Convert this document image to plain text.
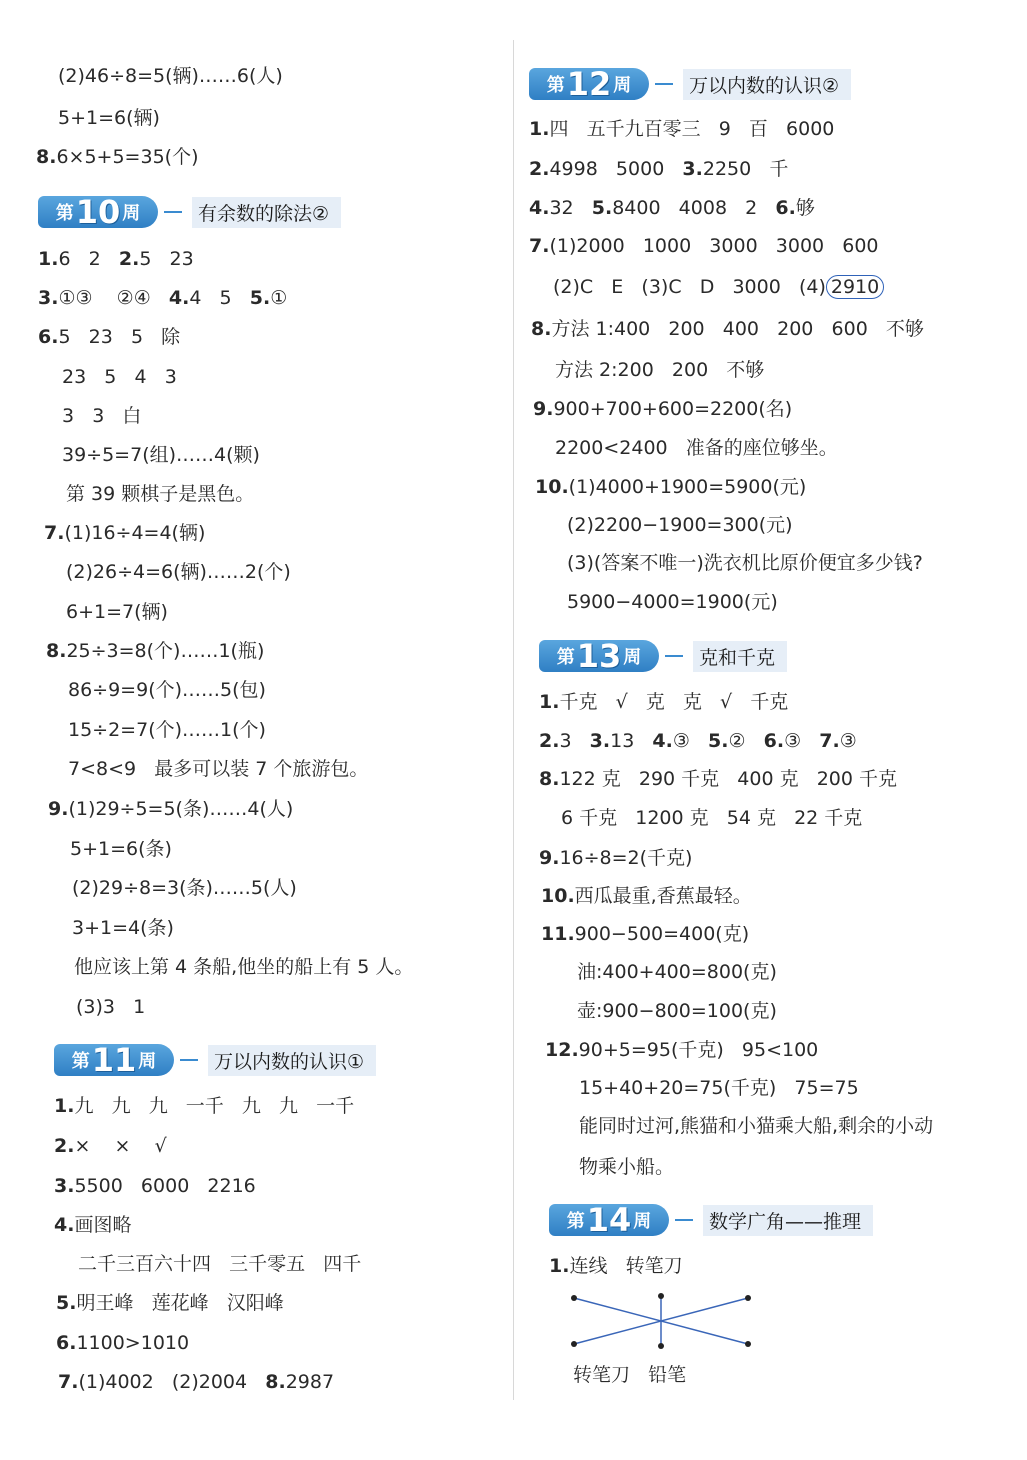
(2)46÷8=5(辆)……6(人)
5+1=6(辆)
8.6×5+5=35(个)
第 10 周	有余数的除法②
1.6   2   2.5   23
3.①③    ②④   4.4   5   5.①
6.5   23   5   除
23   5   4   3
3   3   白
39÷5=7(组)……4(颗)
第 39 颗棋子是黑色。
7.(1)16÷4=4(辆)
(2)26÷4=6(辆)……2(个)
6+1=7(辆)
8.25÷3=8(个)……1(瓶)
86÷9=9(个)……5(包)
15÷2=7(个)……1(个)
7<8<9   最多可以装 7 个旅游包。
9.(1)29÷5=5(条)……4(人)
5+1=6(条)
(2)29÷8=3(条)……5(人)
3+1=4(条)
他应该上第 4 条船,他坐的船上有 5 人。
(3)3   1
第 11 周	万以内数的认识①
1.九   九   九   一千   九   九   一千
2.×    ×    √
3.5500   6000   2216
4.画图略
二千三百六十四   三千零五   四千
5.明王峰   莲花峰   汉阳峰
6.1100>1010
7.(1)4002   (2)2004   8.2987
第 12 周	万以内数的认识②
1.四   五千九百零三   9   百   6000
2.4998   5000   3.2250   千
4.32   5.8400   4008   2   6.够
7.(1)2000   1000   3000   3000   600
(2)C   E   (3)C   D   3000   (4) 2910
8.方法 1:400   200   400   200   600   不够
方法 2:200   200   不够
9.900+700+600=2200(名)
2200<2400   准备的座位够坐。
10.(1)4000+1900=5900(元)
(2)2200−1900=300(元)
(3)(答案不唯一)洗衣机比原价便宜多少钱?
5900−4000=1900(元)
第 13 周	克和千克
1.千克   √   克   克   √   千克
2.3   3.13   4.③   5.②   6.③   7.③
8.122 克   290 千克   400 克   200 千克
6 千克   1200 克   54 克   22 千克
9.16÷8=2(千克)
10.西瓜最重,香蕉最轻。
11.900−500=400(克)
油:400+400=800(克)
壶:900−800=100(克)
12.90+5=95(千克)   95<100
15+40+20=75(千克)   75=75
能同时过河,熊猫和小猫乘大船,剩余的小动
物乘小船。
第 14 周	数学广角——推理
1.连线   转笔刀
转笔刀   铅笔
